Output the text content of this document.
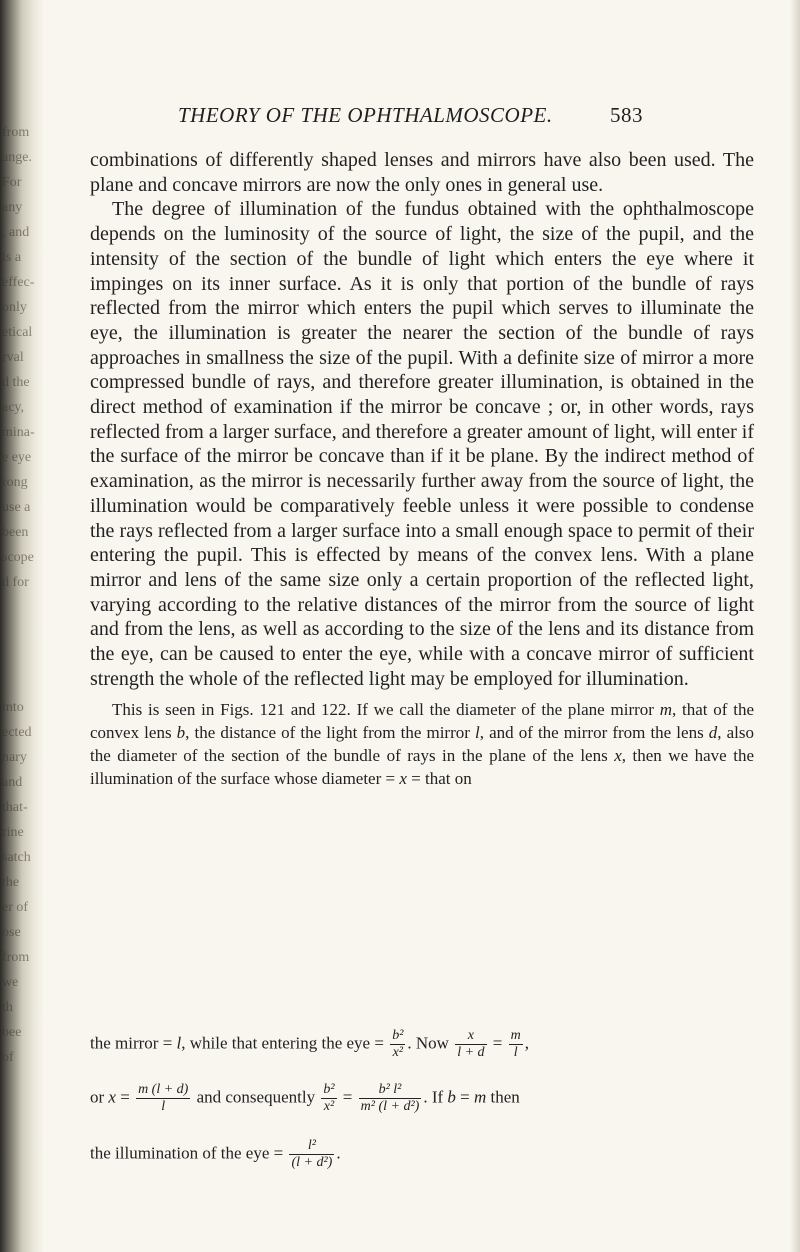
from
ange.
For
any
, and
is a
effec-
only
etical
rval
d the
acy,
mina-
e eye
rong
use a
been
scope
d for

into
ected
nary
and
that-
rine
satch
the
er of
ose
from
we
th
bee
of
THEORY OF THE OPHTHALMOSCOPE.	583

combinations of differently shaped lenses and mirrors have also been used. The plane and concave mirrors are now the only ones in general use.

The degree of illumination of the fundus obtained with the ophthalmoscope depends on the luminosity of the source of light, the size of the pupil, and the intensity of the section of the bundle of light which enters the eye where it impinges on its inner surface. As it is only that portion of the bundle of rays reflected from the mirror which enters the pupil which serves to illuminate the eye, the illumination is greater the nearer the section of the bundle of rays approaches in smallness the size of the pupil. With a definite size of mirror a more compressed bundle of rays, and therefore greater illumination, is obtained in the direct method of examination if the mirror be concave ; or, in other words, rays reflected from a larger surface, and therefore a greater amount of light, will enter if the surface of the mirror be concave than if it be plane. By the indirect method of examination, as the mirror is necessarily further away from the source of light, the illumination would be comparatively feeble unless it were possible to condense the rays reflected from a larger surface into a small enough space to permit of their entering the pupil. This is effected by means of the convex lens. With a plane mirror and lens of the same size only a certain proportion of the reflected light, varying according to the relative distances of the mirror from the source of light and from the lens, as well as according to the size of the lens and its distance from the eye, can be caused to enter the eye, while with a concave mirror of sufficient strength the whole of the reflected light may be employed for illumination.

This is seen in Figs. 121 and 122. If we call the diameter of the plane mirror m, that of the convex lens b, the distance of the light from the mirror l, and of the mirror from the lens d, also the diameter of the section of the bundle of rays in the plane of the lens x, then we have the illumination of the surface whose diameter = x = that on

the mirror = l, while that entering the eye = $\frac{\text{b²}}{\text{x²}}$ . Now $\frac{x}{l + d} = \frac{m}{l}$ ,
or $x = \frac{m (l + d)}{l}$ and consequently $\frac{\text{b²}}{\text{x²}} = \frac{\text{b² l²}}{\text{m² (l + d²)}}$ . If b = m then
the illumination of the eye = $\frac{\text{l²}}{\text{(l + d²)}}$ .
